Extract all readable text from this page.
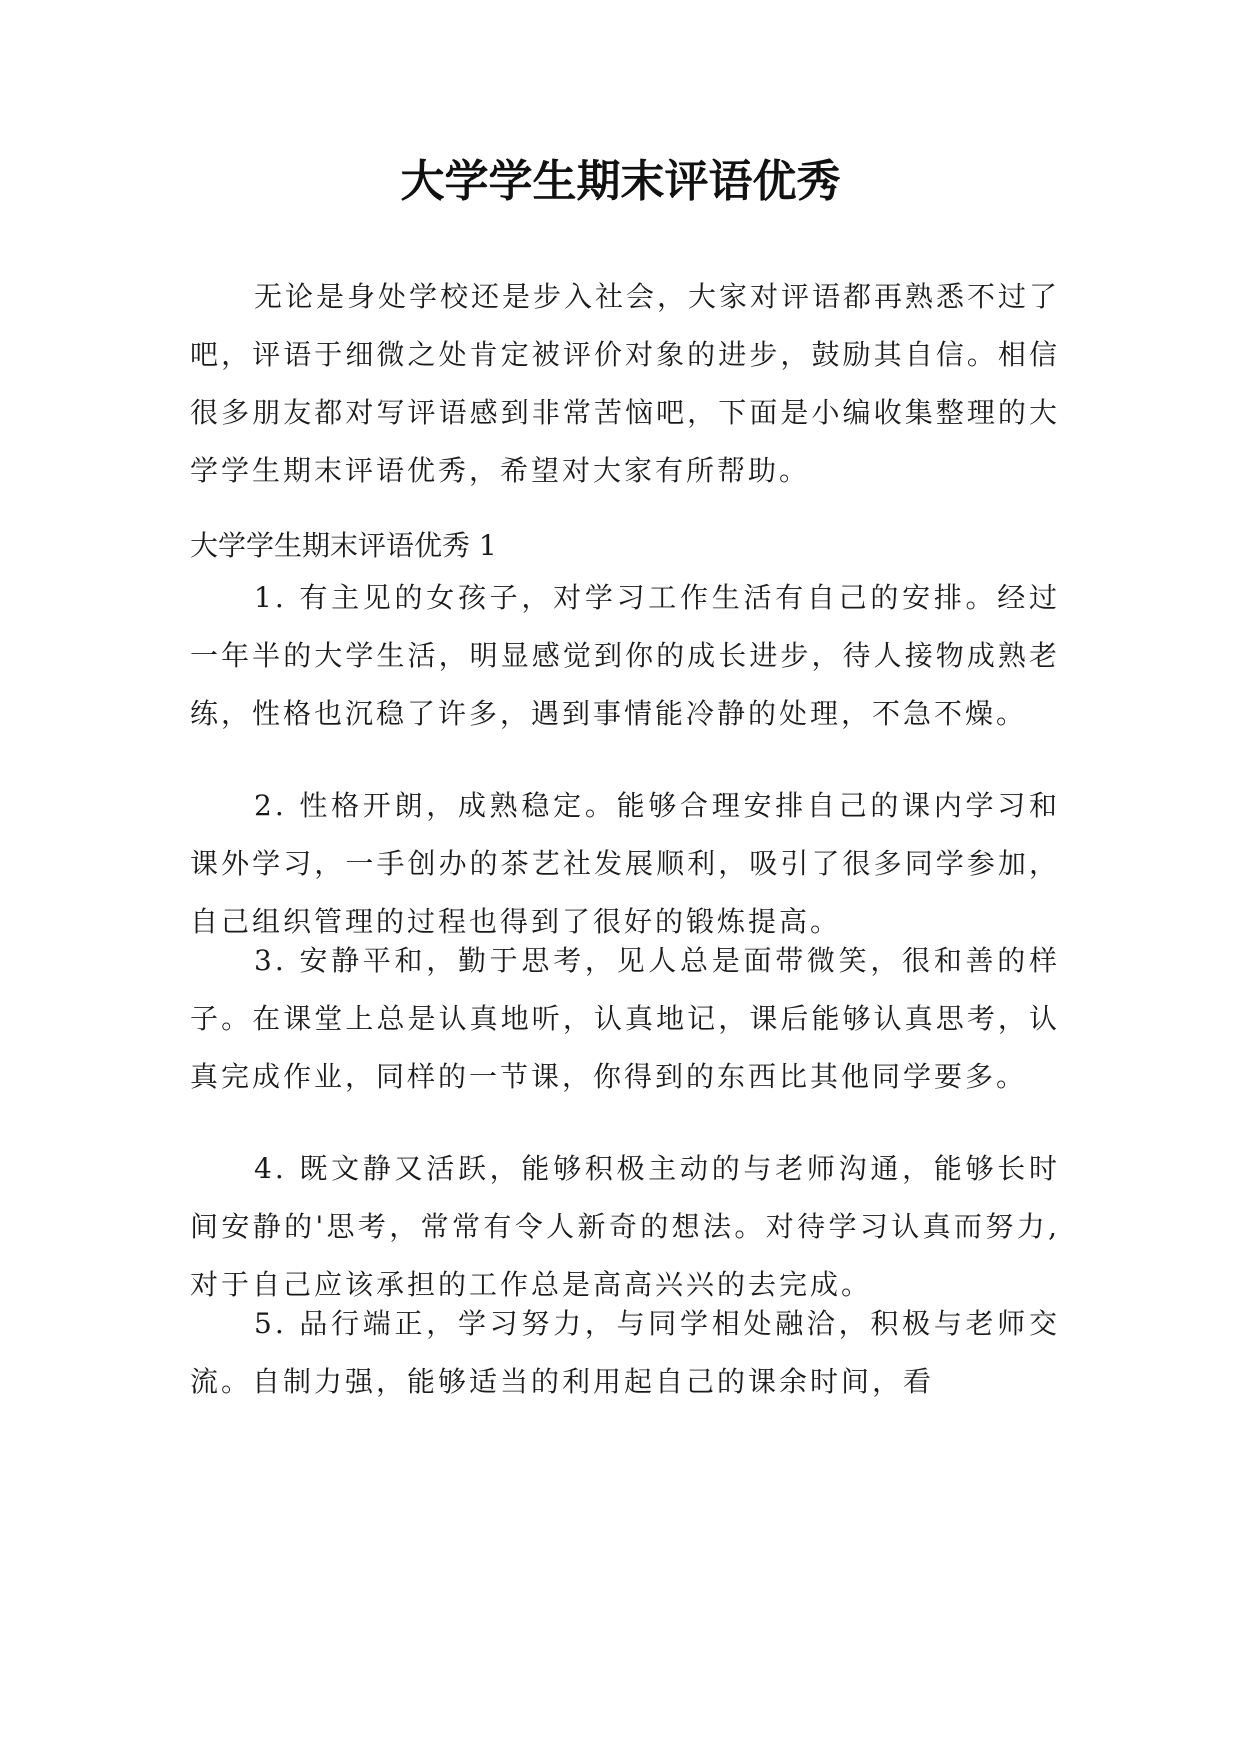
大学学生期末评语优秀

无论是身处学校还是步入社会，大家对评语都再熟悉不过了吧，评语于细微之处肯定被评价对象的进步，鼓励其自信。相信很多朋友都对写评语感到非常苦恼吧，下面是小编收集整理的大学学生期末评语优秀，希望对大家有所帮助。

大学学生期末评语优秀 1

1. 有主见的女孩子，对学习工作生活有自己的安排。经过一年半的大学生活，明显感觉到你的成长进步，待人接物成熟老练，性格也沉稳了许多，遇到事情能冷静的处理，不急不燥。

2. 性格开朗，成熟稳定。能够合理安排自己的课内学习和课外学习，一手创办的茶艺社发展顺利，吸引了很多同学参加，自己组织管理的过程也得到了很好的锻炼提高。

3. 安静平和，勤于思考，见人总是面带微笑，很和善的样子。在课堂上总是认真地听，认真地记，课后能够认真思考，认真完成作业，同样的一节课，你得到的东西比其他同学要多。

4. 既文静又活跃，能够积极主动的与老师沟通，能够长时间安静的'思考，常常有令人新奇的想法。对待学习认真而努力,对于自己应该承担的工作总是高高兴兴的去完成。

5. 品行端正，学习努力，与同学相处融洽，积极与老师交流。自制力强，能够适当的利用起自己的课余时间，看
